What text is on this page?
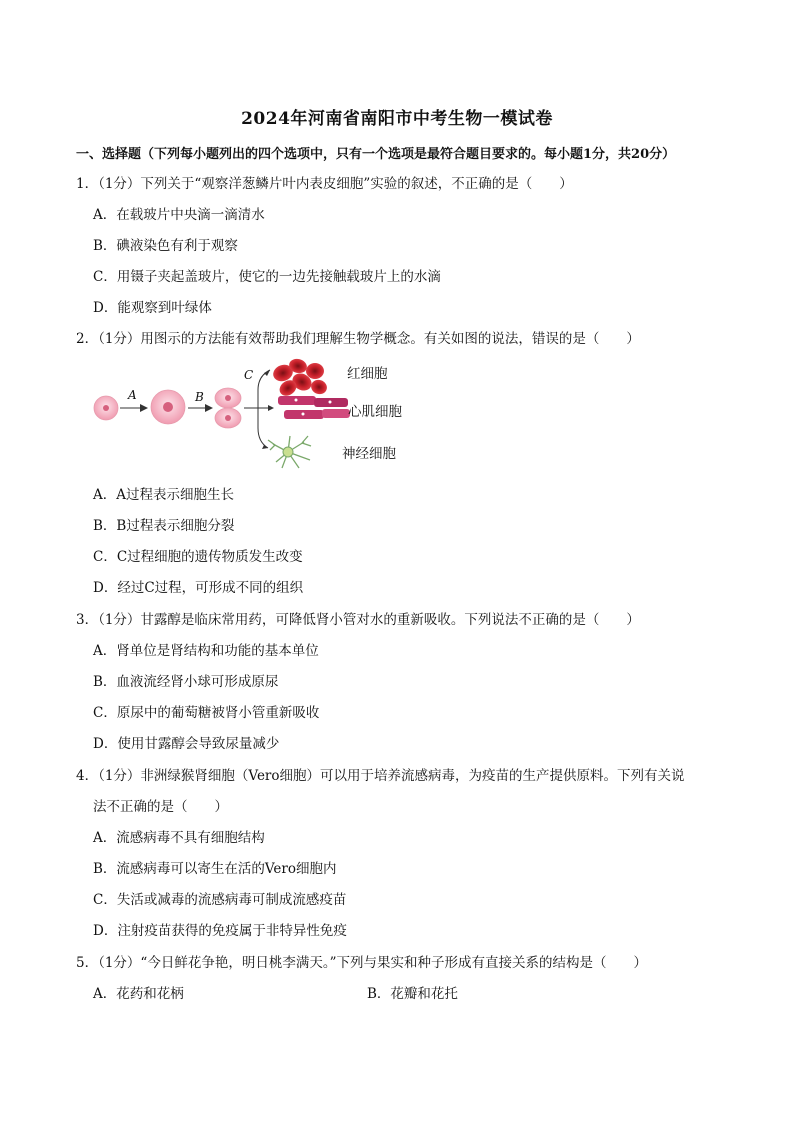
2024年河南省南阳市中考生物一模试卷
一、选择题（下列每小题列出的四个选项中，只有一个选项是最符合题目要求的。每小题1分，共20分）
1．（1分）下列关于“观察洋葱鳞片叶内表皮细胞”实验的叙述，不正确的是（　　）
A．在载玻片中央滴一滴清水
B．碘液染色有利于观察
C．用镊子夹起盖玻片，使它的一边先接触载玻片上的水滴
D．能观察到叶绿体
2．（1分）用图示的方法能有效帮助我们理解生物学概念。有关如图的说法，错误的是（　　）
A	B
C	红细胞
心肌细胞
神经细胞
A．A过程表示细胞生长
B．B过程表示细胞分裂
C．C过程细胞的遗传物质发生改变
D．经过C过程，可形成不同的组织
3．（1分）甘露醇是临床常用药，可降低肾小管对水的重新吸收。下列说法不正确的是（　　）
A．肾单位是肾结构和功能的基本单位
B．血液流经肾小球可形成原尿
C．原尿中的葡萄糖被肾小管重新吸收
D．使用甘露醇会导致尿量减少
4．（1分）非洲绿猴肾细胞（Vero细胞）可以用于培养流感病毒，为疫苗的生产提供原料。下列有关说
法不正确的是（　　）
A．流感病毒不具有细胞结构
B．流感病毒可以寄生在活的Vero细胞内
C．失活或减毒的流感病毒可制成流感疫苗
D．注射疫苗获得的免疫属于非特异性免疫
5．（1分）“今日鲜花争艳，明日桃李满天。”下列与果实和种子形成有直接关系的结构是（　　）
A．花药和花柄	B．花瓣和花托
